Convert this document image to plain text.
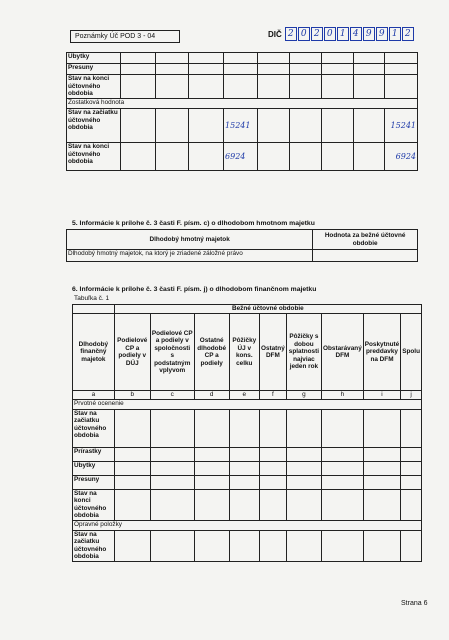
Poznámky Úč POD 3 - 04	DIČ 2 0 2 0 1 4 9 9 1 2
Úbytky									
Presuny									
Stav na konci účtovného obdobia									
Zostatková hodnota									
Stav na začiatku účtovného obdobia				15241					15241
Stav na konci účtovného obdobia				6924					6924
5. Informácie k prílohe č. 3 časti F. písm. c) o dlhodobom hmotnom majetku
Dlhodobý hmotný majetok	Hodnota za bežné účtovné obdobie
Dlhodobý hmotný majetok, na ktorý je zriadené záložné právo	
6. Informácie k prílohe č. 3 časti F. písm. j) o dlhodobom finančnom majetku
Tabuľka č. 1
	Bežné účtovné obdobie								
Dlhodobý finančný majetok	Podielové CP a podiely v DÚJ	Podielové CP a podiely v spoločnosti s podstatným vplyvom	Ostatné dlhodobé CP a podiely	Pôžičky ÚJ v kons. celku	Ostatný DFM	Pôžičky s dobou splatnosti najviac jeden rok	Obstarávaný DFM	Poskytnuté preddavky na DFM	Spolu
a	b	c	d	e	f	g	h	i	j
Prvotné ocenenie									
Stav na začiatku účtovného obdobia									
Prírastky									
Úbytky									
Presuny									
Stav na konci účtovného obdobia									
Opravné položky									
Stav na začiatku účtovného obdobia									
Strana 6
